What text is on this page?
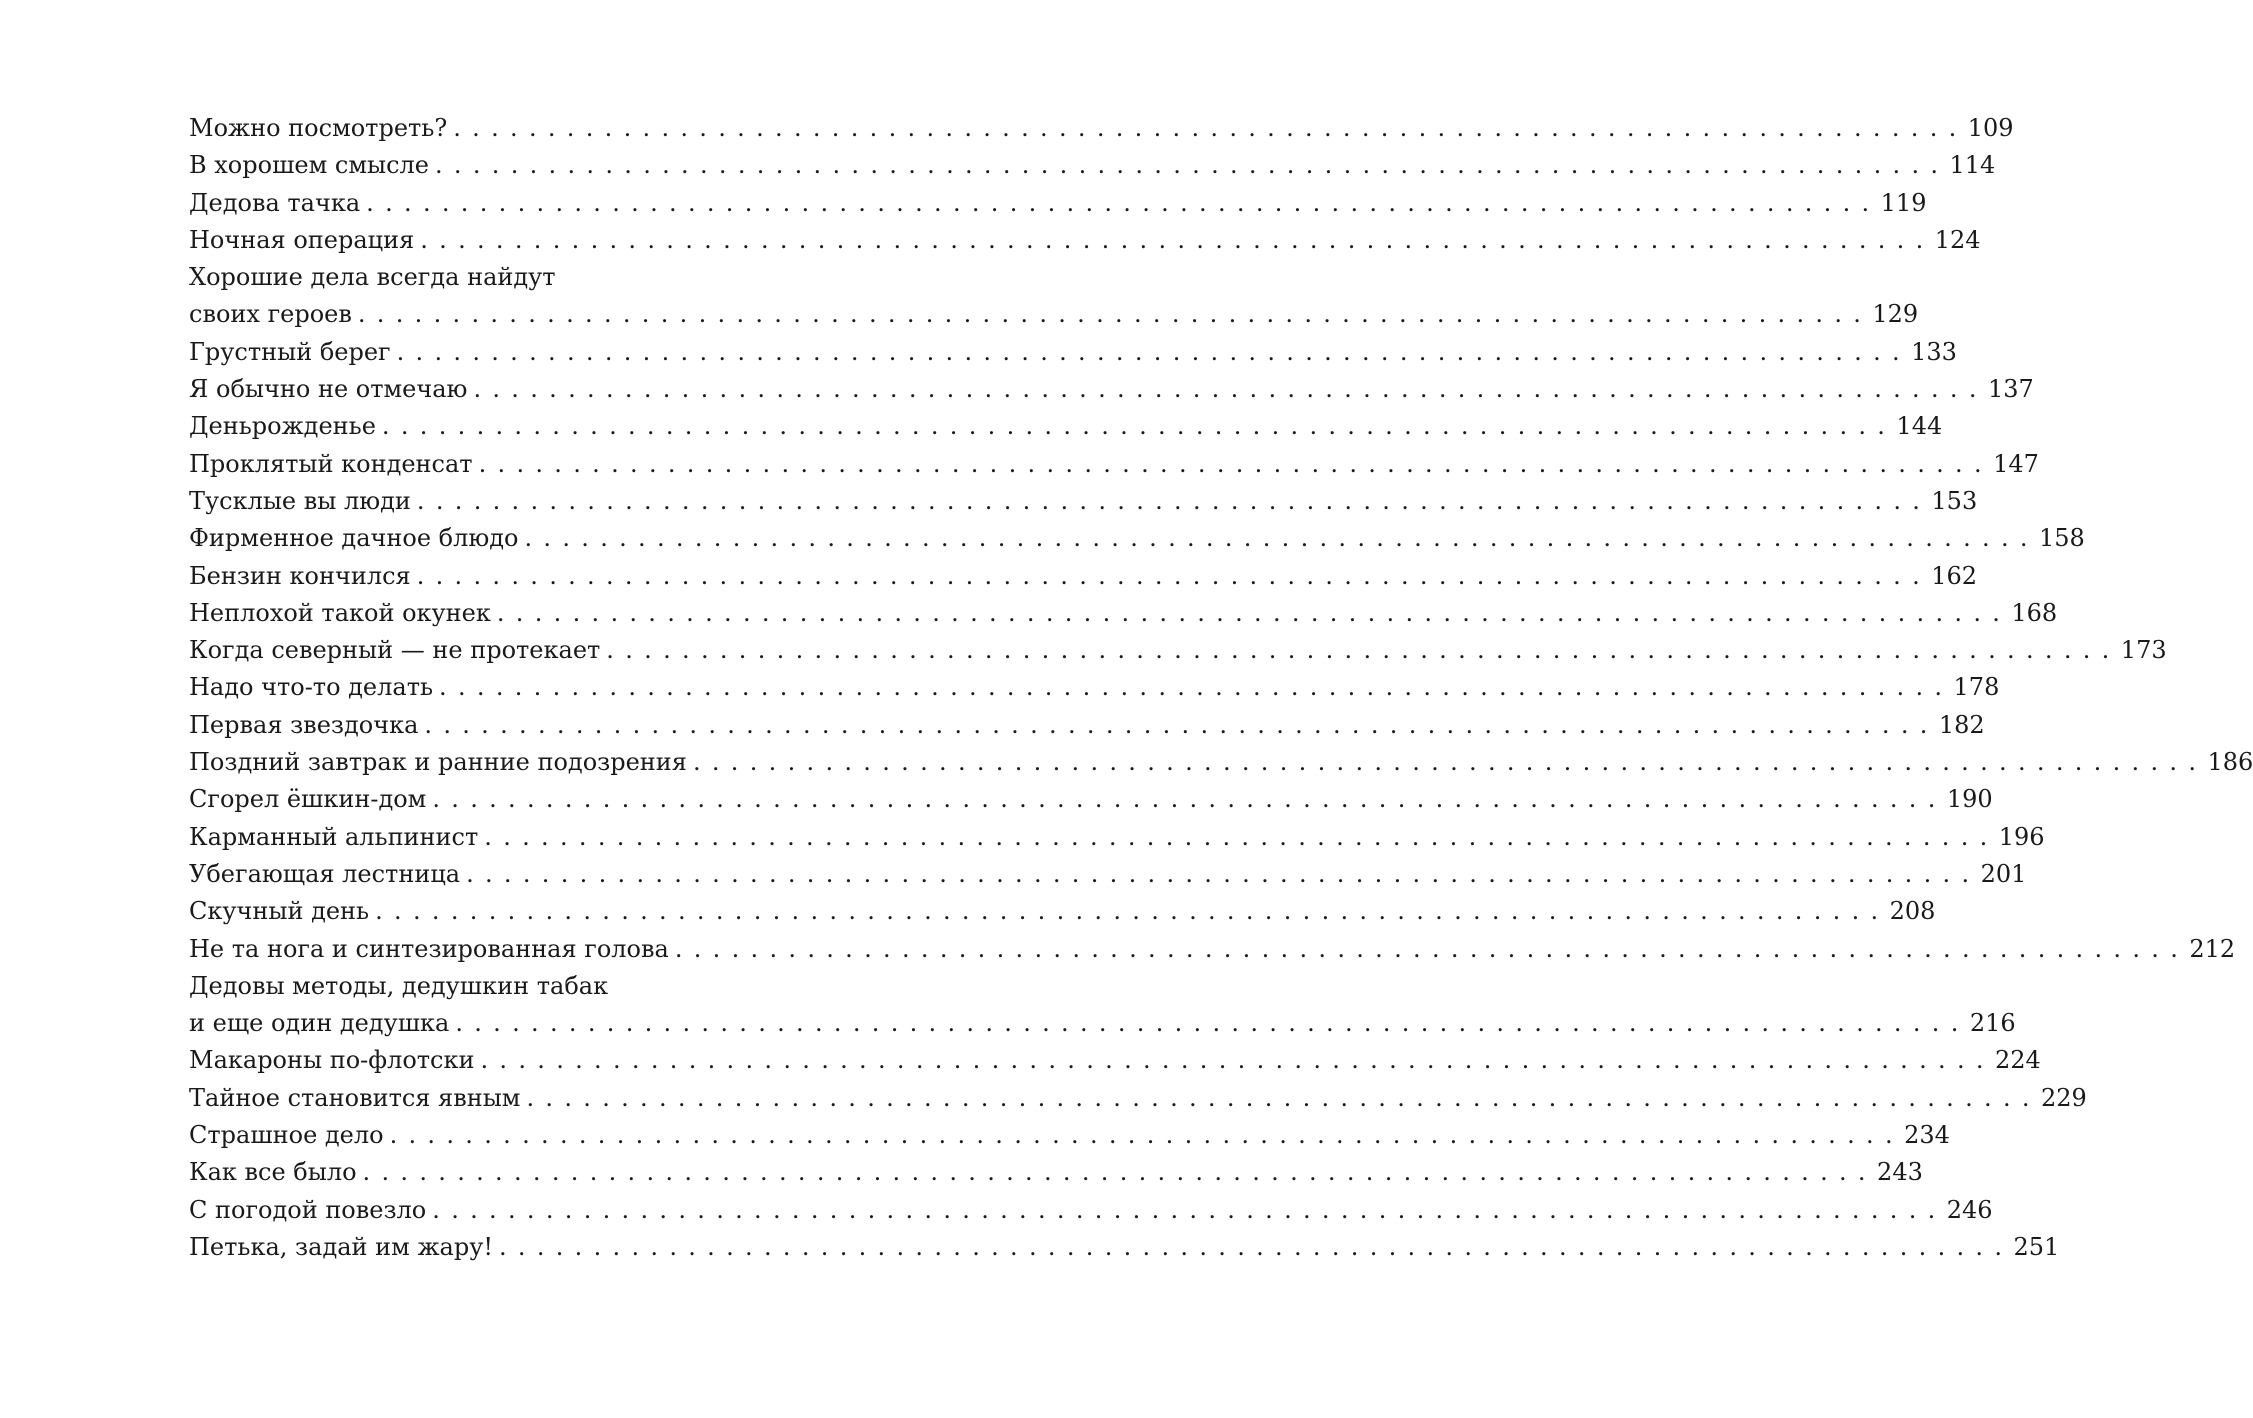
Можно посмотреть? ................................................................................ 109
В хорошем смысле ................................................................................ 114
Дедова тачка ................................................................................ 119
Ночная операция ................................................................................ 124
Хорошие дела всегда найдут
своих героев ................................................................................ 129
Грустный берег ................................................................................ 133
Я обычно не отмечаю ................................................................................ 137
Деньрожденье ................................................................................ 144
Проклятый конденсат ................................................................................ 147
Тусклые вы люди ................................................................................ 153
Фирменное дачное блюдо ................................................................................ 158
Бензин кончился ................................................................................ 162
Неплохой такой окунек ................................................................................ 168
Когда северный — не протекает ................................................................................ 173
Надо что-то делать ................................................................................ 178
Первая звездочка ................................................................................ 182
Поздний завтрак и ранние подозрения ................................................................................ 186
Сгорел ёшкин-дом ................................................................................ 190
Карманный альпинист ................................................................................ 196
Убегающая лестница ................................................................................ 201
Скучный день ................................................................................ 208
Не та нога и синтезированная голова ................................................................................ 212
Дедовы методы, дедушкин табак
и еще один дедушка ................................................................................ 216
Макароны по-флотски ................................................................................ 224
Тайное становится явным ................................................................................ 229
Страшное дело ................................................................................ 234
Как все было ................................................................................ 243
С погодой повезло ................................................................................ 246
Петька, задай им жару! ................................................................................ 251
